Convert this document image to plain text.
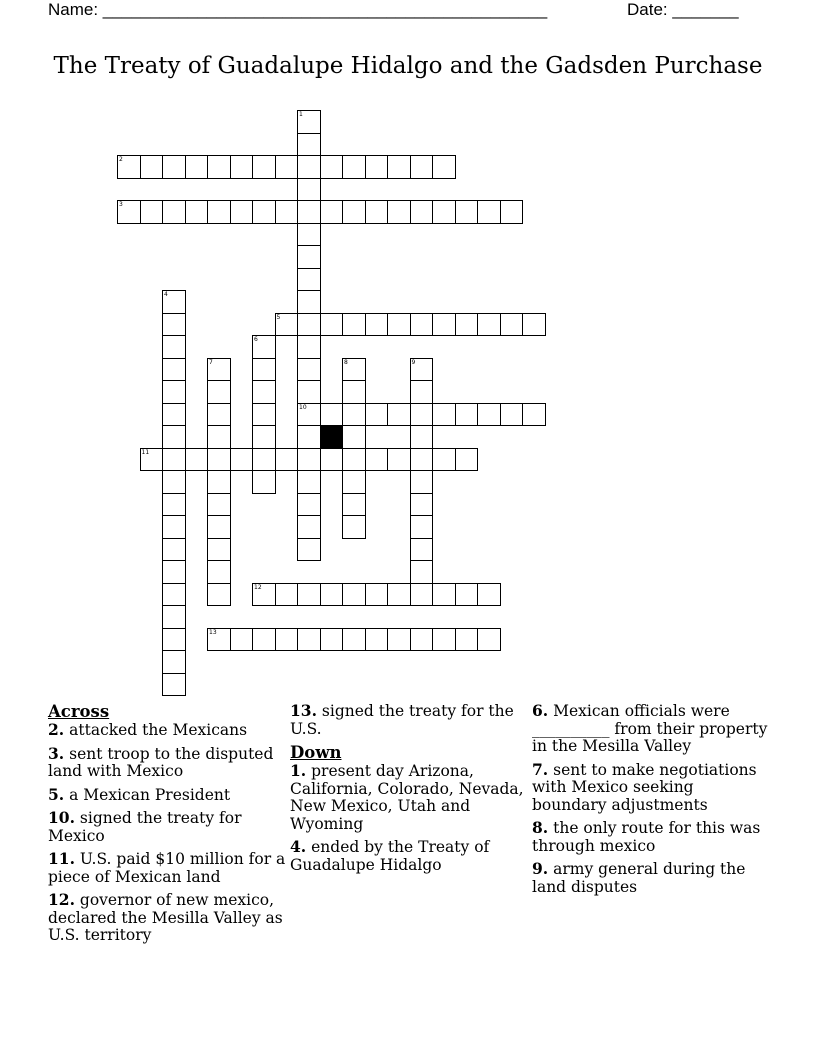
Name: _______________________________________________	Date: _______
The Treaty of Guadalupe Hidalgo and the Gadsden Purchase
1
10
2
3
4
5
6
7	8	9
11
12
13
Across
2. attacked the Mexicans
3. sent troop to the disputed land with Mexico
5. a Mexican President
10. signed the treaty for Mexico
11. U.S. paid $10 million for a piece of Mexican land
12. governor of new mexico, declared the Mesilla Valley as U.S. territory
13. signed the treaty for the U.S.
Down
1. present day Arizona, California, Colorado, Nevada, New Mexico, Utah and Wyoming
4. ended by the Treaty of Guadalupe Hidalgo
6. Mexican officials were __________ from their property in the Mesilla Valley
7. sent to make negotiations with Mexico seeking boundary adjustments
8. the only route for this was through mexico
9. army general during the land disputes
